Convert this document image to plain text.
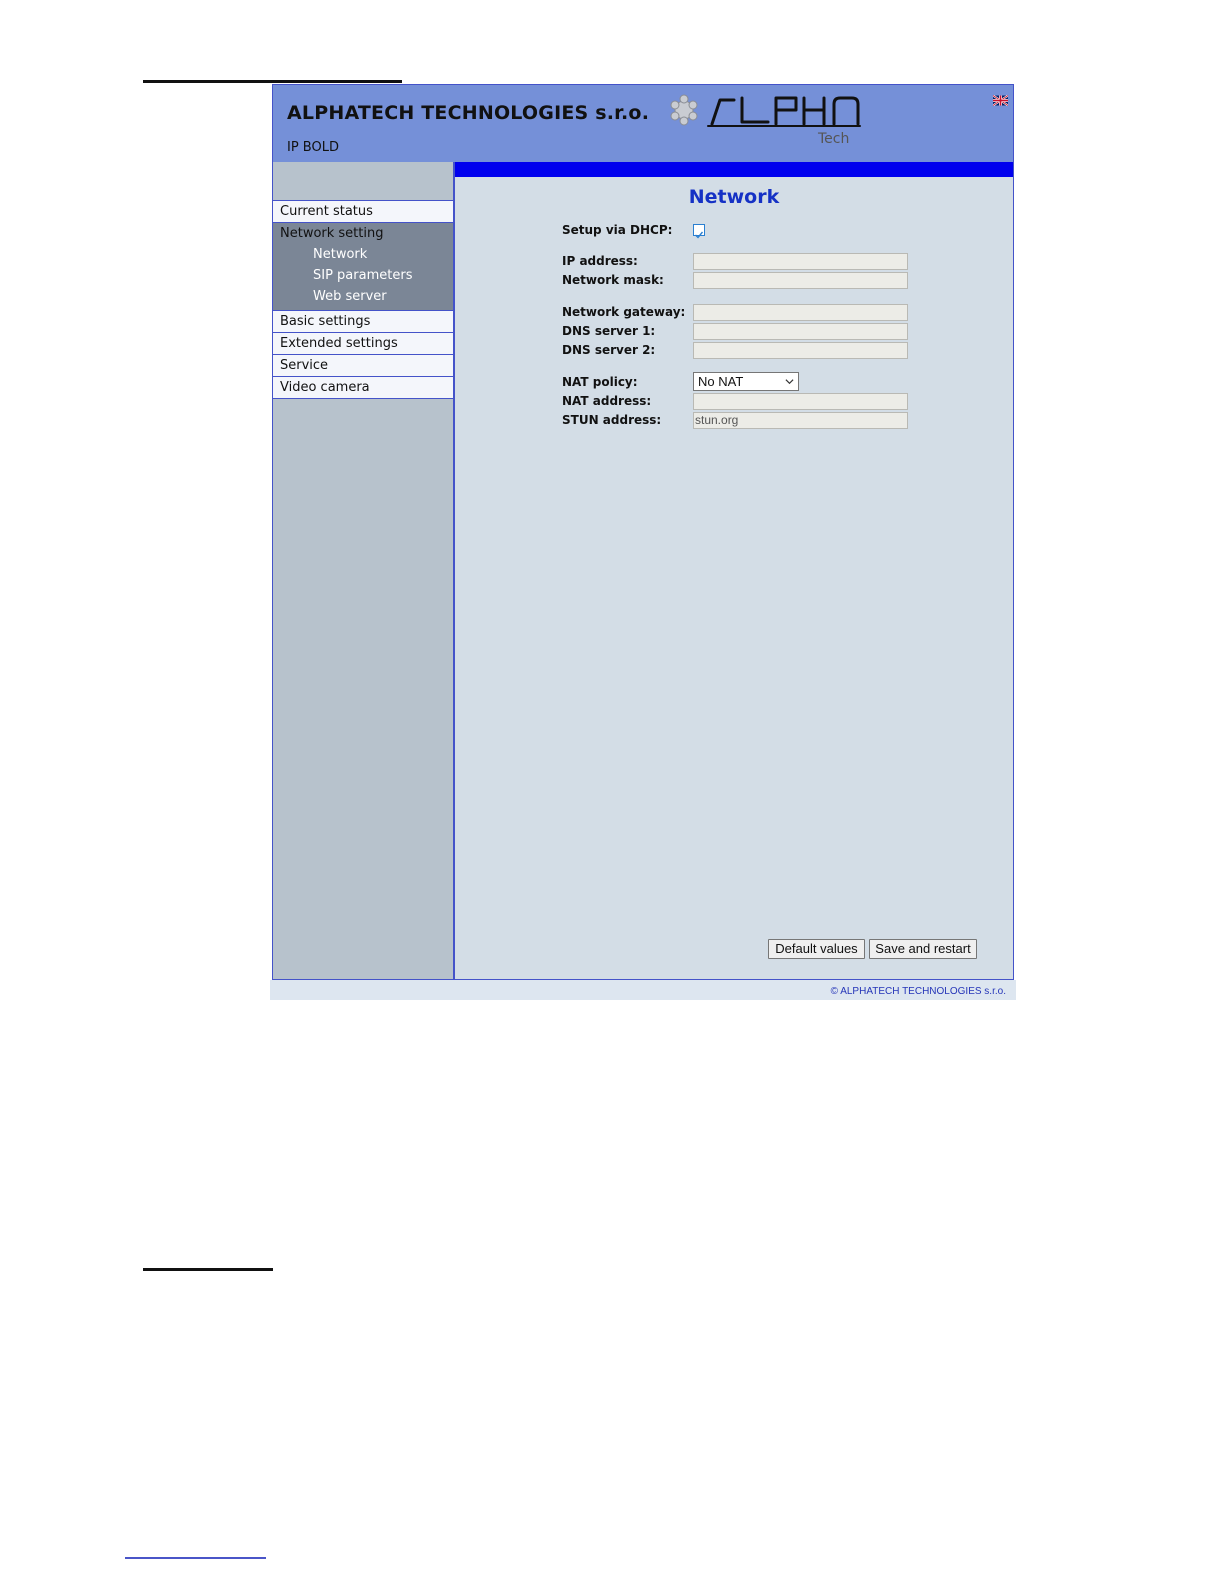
ALPHATECH TECHNOLOGIES s.r.o.
IP BOLD
Tech
Current status
Network setting
Network
SIP parameters
Web server
Basic settings
Extended settings
Service
Video camera
Network
Setup via DHCP:
IP address:
Network mask:
Network gateway:
DNS server 1:
DNS server 2:
NAT policy:	No NAT
NAT address:
STUN address:	stun.org
Default values	Save and restart
© ALPHATECH TECHNOLOGIES s.r.o.
